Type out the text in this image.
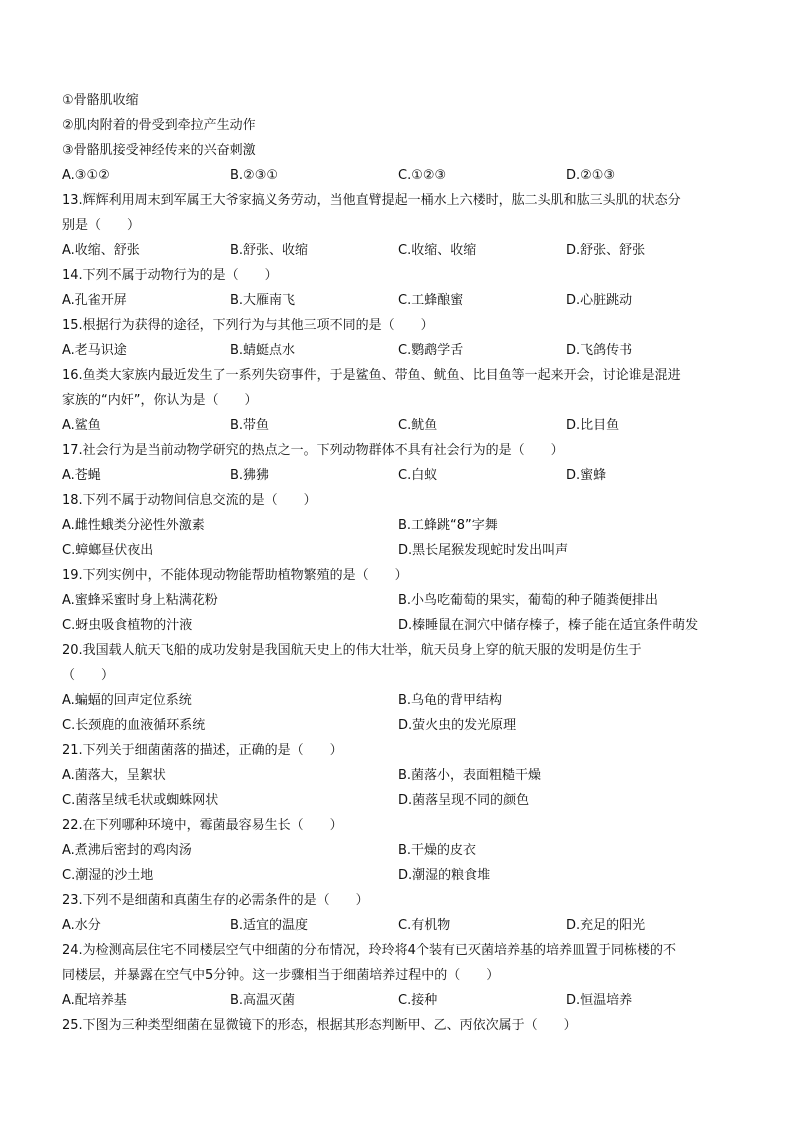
①骨骼肌收缩
②肌肉附着的骨受到牵拉产生动作
③骨骼肌接受神经传来的兴奋刺激
A.③①②	B.②③①	C.①②③	D.②①③
13.辉辉利用周末到军属王大爷家搞义务劳动，当他直臂提起一桶水上六楼时，肱二头肌和肱三头肌的状态分
别是（　　）
A.收缩、舒张	B.舒张、收缩	C.收缩、收缩	D.舒张、舒张
14.下列不属于动物行为的是（　　）
A.孔雀开屏	B.大雁南飞	C.工蜂酿蜜	D.心脏跳动
15.根据行为获得的途径，下列行为与其他三项不同的是（　　）
A.老马识途	B.蜻蜓点水	C.鹦鹉学舌	D.飞鸽传书
16.鱼类大家族内最近发生了一系列失窃事件，于是鲨鱼、带鱼、鱿鱼、比目鱼等一起来开会，讨论谁是混进
家族的“内奸”，你认为是（　　）
A.鲨鱼	B.带鱼	C.鱿鱼	D.比目鱼
17.社会行为是当前动物学研究的热点之一。下列动物群体不具有社会行为的是（　　）
A.苍蝇	B.狒狒	C.白蚁	D.蜜蜂
18.下列不属于动物间信息交流的是（　　）
A.雌性蛾类分泌性外激素	B.工蜂跳“8”字舞
C.蟑螂昼伏夜出	D.黑长尾猴发现蛇时发出叫声
19.下列实例中，不能体现动物能帮助植物繁殖的是（　　）
A.蜜蜂采蜜时身上粘满花粉	B.小鸟吃葡萄的果实，葡萄的种子随粪便排出
C.蚜虫吸食植物的汁液	D.榛睡鼠在洞穴中储存榛子，榛子能在适宜条件萌发
20.我国载人航天飞船的成功发射是我国航天史上的伟大壮举，航天员身上穿的航天服的发明是仿生于
（　　）
A.蝙蝠的回声定位系统	B.乌龟的背甲结构
C.长颈鹿的血液循环系统	D.萤火虫的发光原理
21.下列关于细菌菌落的描述，正确的是（　　）
A.菌落大，呈絮状	B.菌落小，表面粗糙干燥
C.菌落呈绒毛状或蜘蛛网状	D.菌落呈现不同的颜色
22.在下列哪种环境中，霉菌最容易生长（　　）
A.煮沸后密封的鸡肉汤	B.干燥的皮衣
C.潮湿的沙土地	D.潮湿的粮食堆
23.下列不是细菌和真菌生存的必需条件的是（　　）
A.水分	B.适宜的温度	C.有机物	D.充足的阳光
24.为检测高层住宅不同楼层空气中细菌的分布情况，玲玲将4个装有已灭菌培养基的培养皿置于同栋楼的不
同楼层，并暴露在空气中5分钟。这一步骤相当于细菌培养过程中的（　　）
A.配培养基	B.高温灭菌	C.接种	D.恒温培养
25.下图为三种类型细菌在显微镜下的形态，根据其形态判断甲、乙、丙依次属于（　　）
